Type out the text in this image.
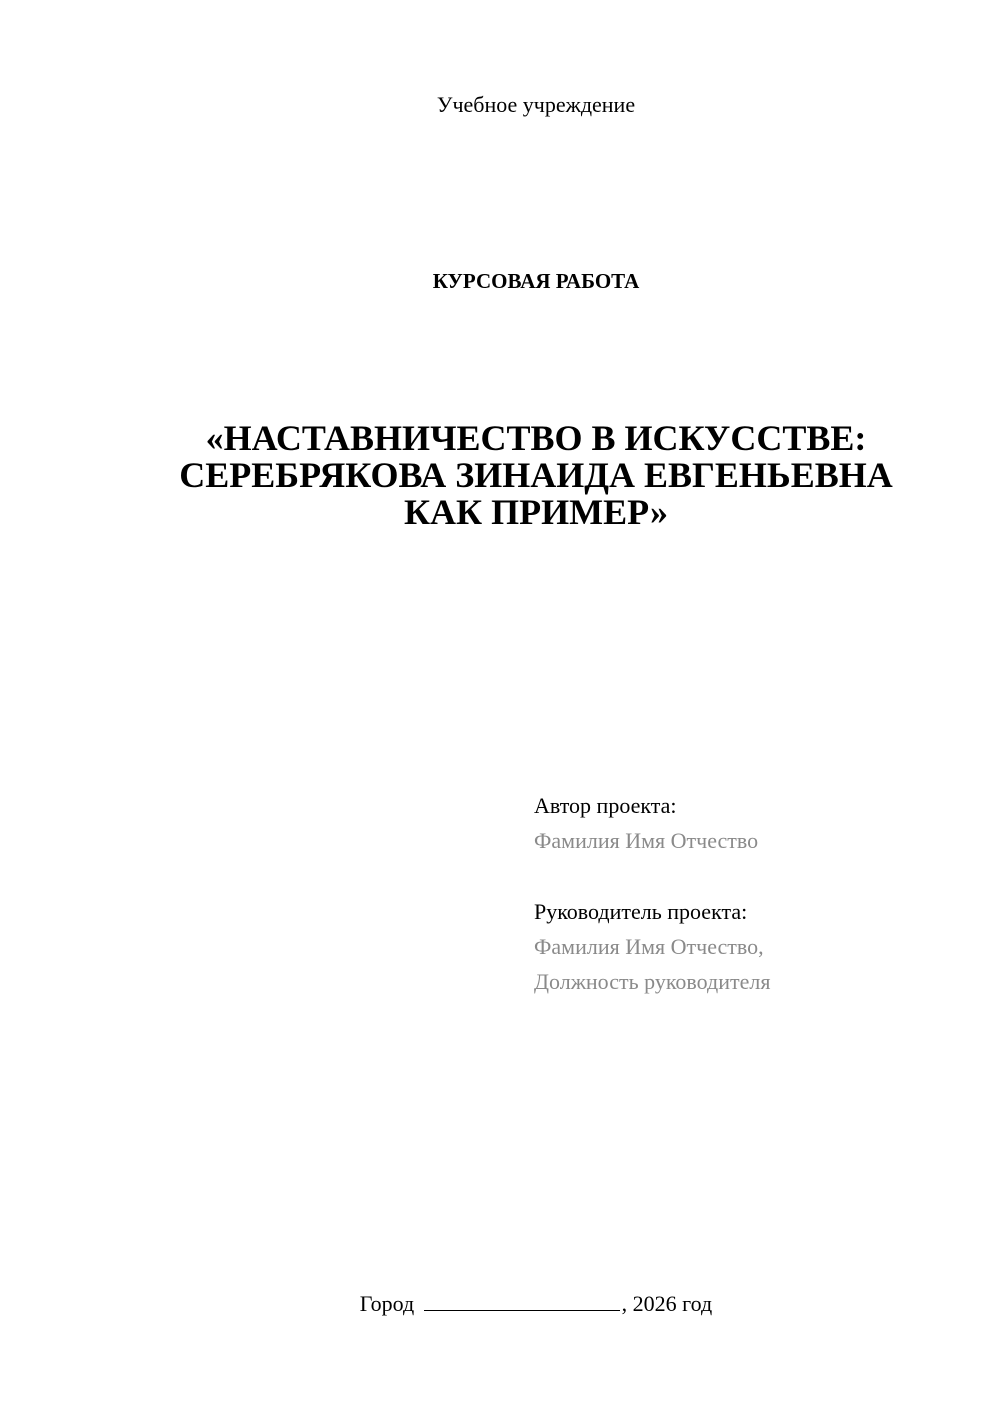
Учебное учреждение
КУРСОВАЯ РАБОТА
«НАСТАВНИЧЕСТВО В ИСКУССТВЕ:
СЕРЕБРЯКОВА ЗИНАИДА ЕВГЕНЬЕВНА
КАК ПРИМЕР»
Автор проекта:
Фамилия Имя Отчество
Руководитель проекта:
Фамилия Имя Отчество,
Должность руководителя
Город	, 2026 год
